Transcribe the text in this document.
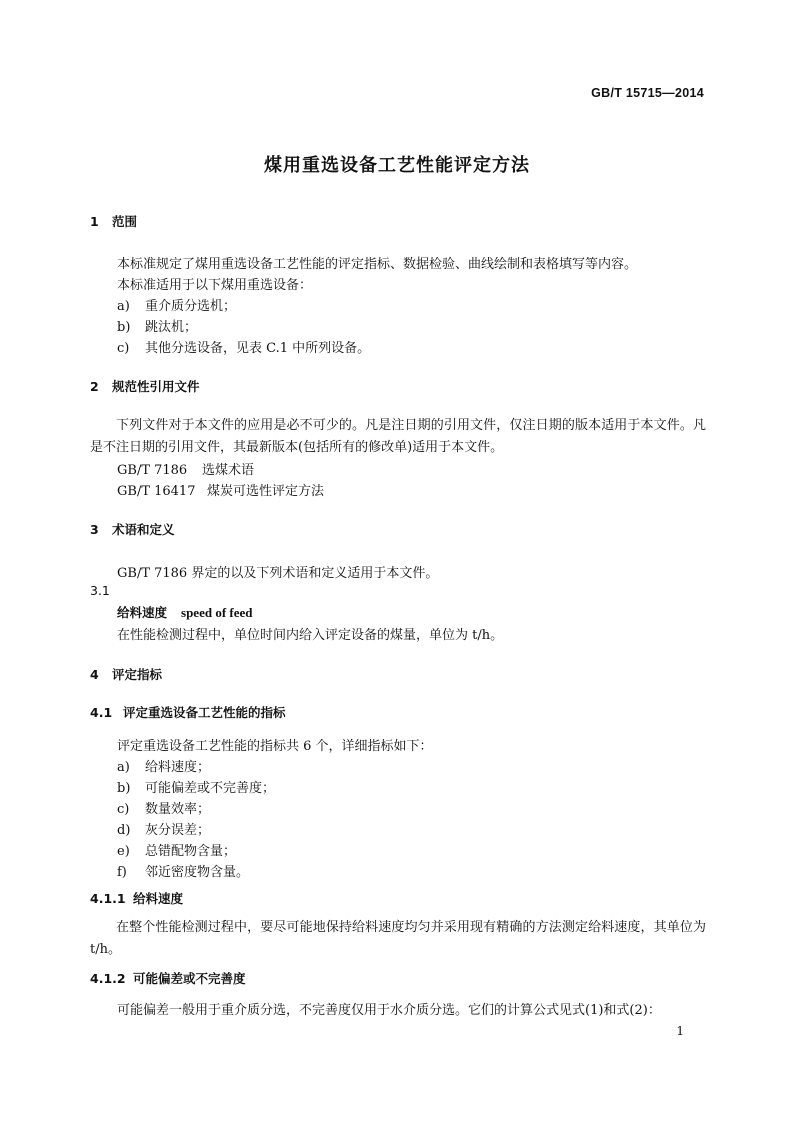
GB/T 15715—2014
煤用重选设备工艺性能评定方法
1 范围
本标准规定了煤用重选设备工艺性能的评定指标、数据检验、曲线绘制和表格填写等内容。
本标准适用于以下煤用重选设备：
a) 重介质分选机；
b) 跳汰机；
c) 其他分选设备，见表 C.1 中所列设备。
2 规范性引用文件
下列文件对于本文件的应用是必不可少的。凡是注日期的引用文件，仅注日期的版本适用于本文件。凡是不注日期的引用文件，其最新版本(包括所有的修改单)适用于本文件。
GB/T 7186 选煤术语
GB/T 16417 煤炭可选性评定方法
3 术语和定义
GB/T 7186 界定的以及下列术语和定义适用于本文件。
3.1
给料速度 speed of feed
在性能检测过程中，单位时间内给入评定设备的煤量，单位为 t/h。
4 评定指标
4.1 评定重选设备工艺性能的指标
评定重选设备工艺性能的指标共 6 个，详细指标如下：
a) 给料速度；
b) 可能偏差或不完善度；
c) 数量效率；
d) 灰分误差；
e) 总错配物含量；
f) 邻近密度物含量。
4.1.1 给料速度
在整个性能检测过程中，要尽可能地保持给料速度均匀并采用现有精确的方法测定给料速度，其单位为 t/h。
4.1.2 可能偏差或不完善度
可能偏差一般用于重介质分选，不完善度仅用于水介质分选。它们的计算公式见式(1)和式(2)：
1
